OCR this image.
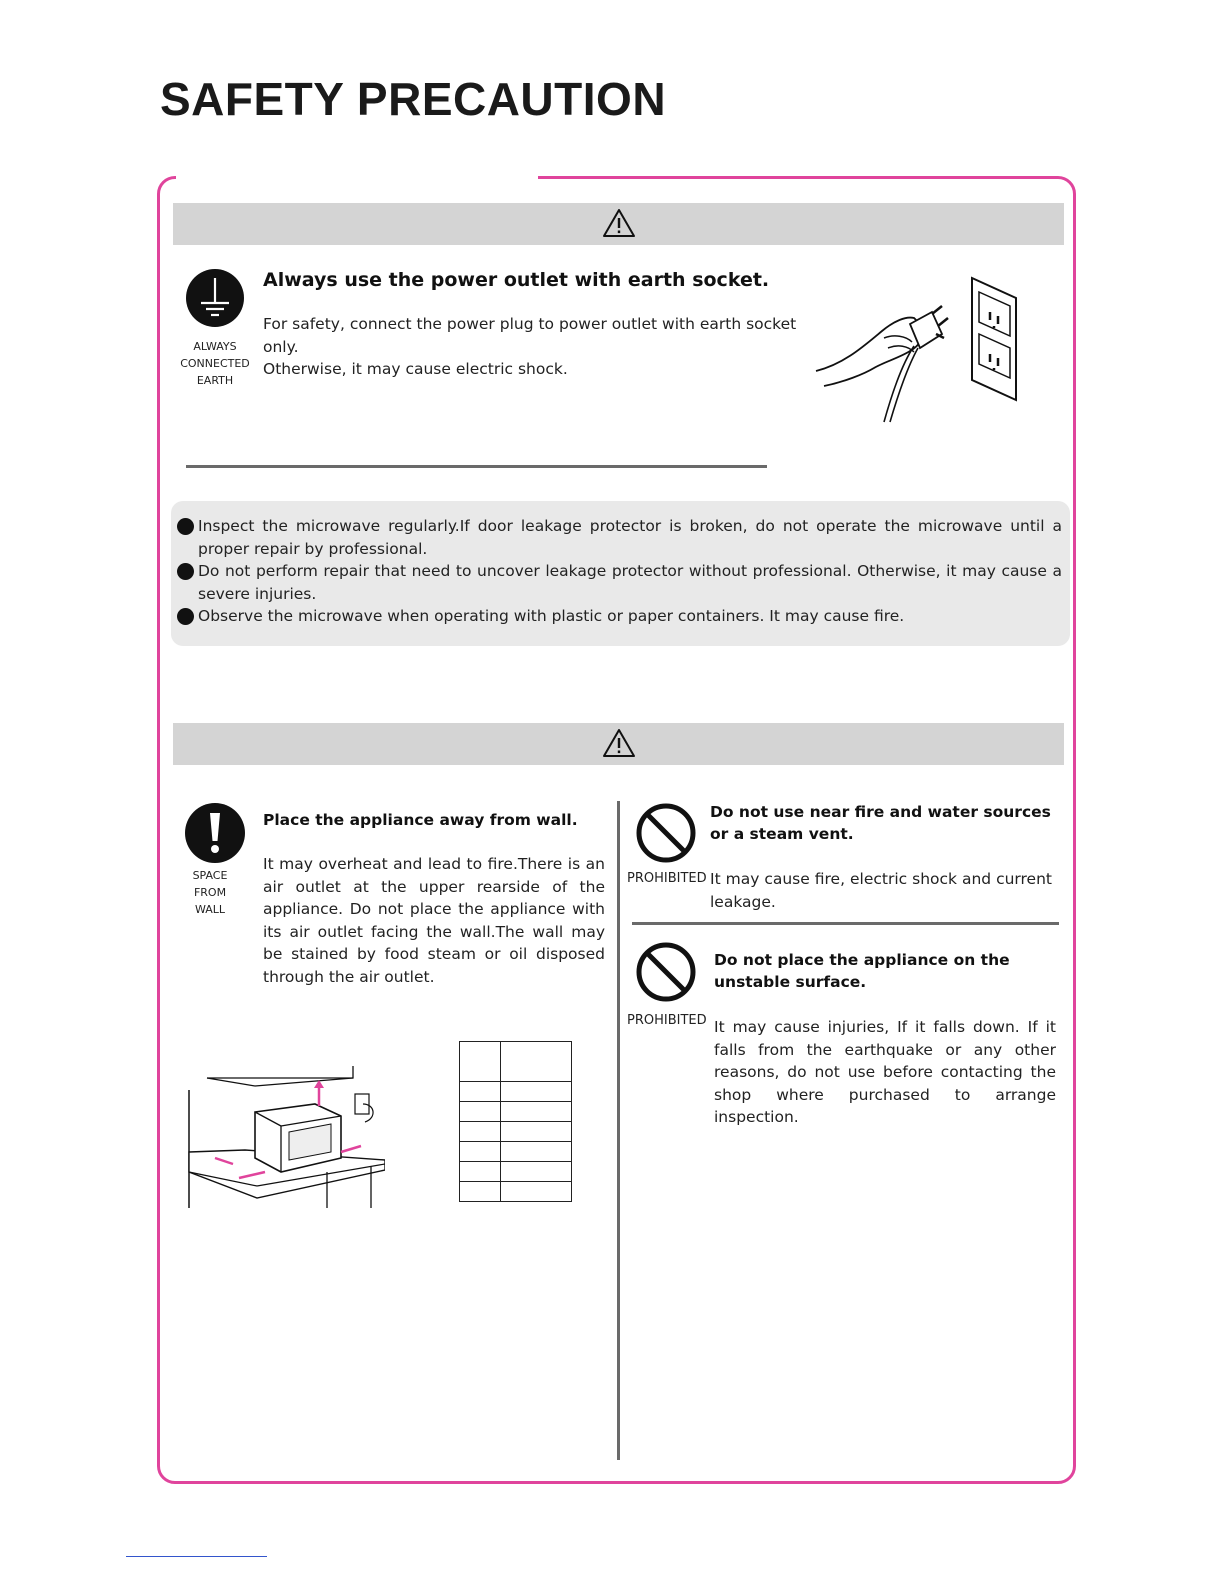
SAFETY PRECAUTION
ALWAYS
CONNECTED
EARTH
Always use the power outlet with earth socket.
For safety, connect the power plug to power outlet with earth socket only.
Otherwise, it may cause electric shock.
Inspect the microwave regularly.If door leakage protector is broken, do not operate the microwave until a proper repair by professional.
Do not perform repair that need to uncover leakage protector without professional. Otherwise, it may cause a severe injuries.
Observe the microwave when operating with plastic or paper containers. It may cause fire.
SPACE
FROM
WALL
Place the appliance away from wall.
It may overheat and lead to fire.There is an air outlet at the upper rearside of the appliance. Do not place the appliance with its air outlet facing the wall.The wall may be stained by food steam or oil disposed through the air outlet.

PROHIBITED
Do not use near fire and water sources or a steam vent.
It may cause fire, electric shock and current leakage.
PROHIBITED
Do not place the appliance on the unstable surface.
It may cause injuries, If it falls down. If it falls from the earthquake or any other reasons, do not use before contacting the shop where purchased to arrange inspection.
